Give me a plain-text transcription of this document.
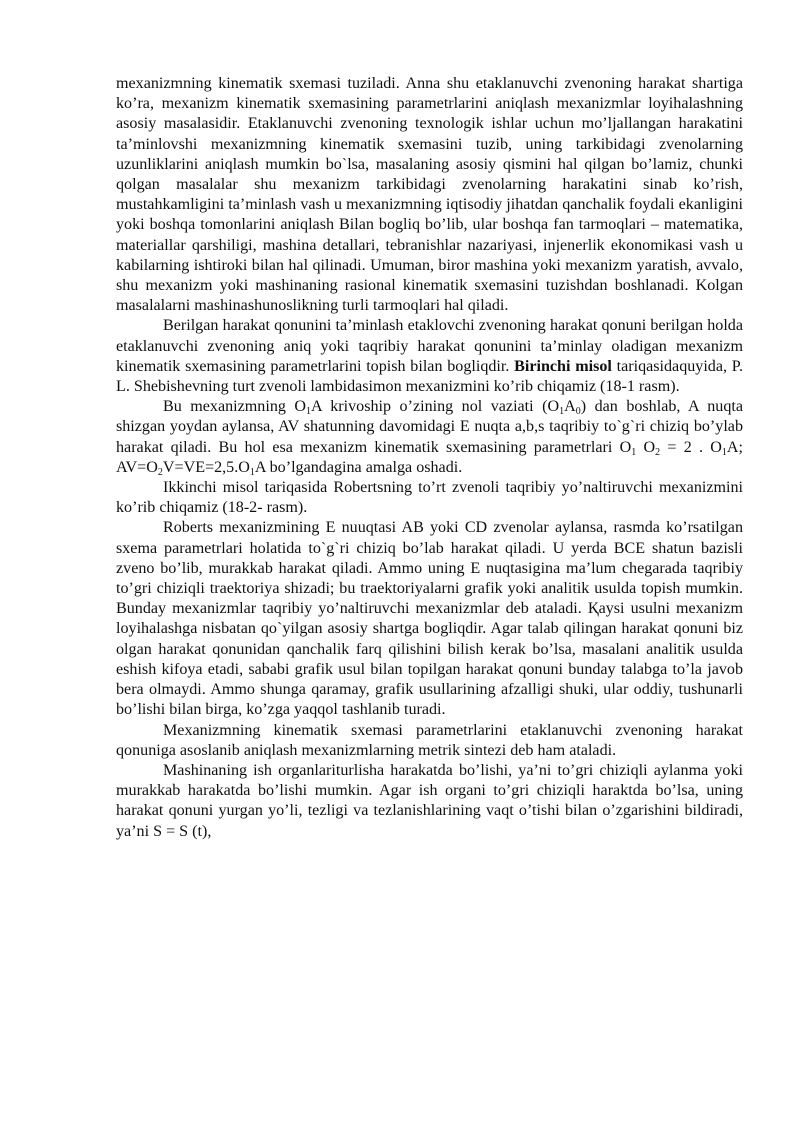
mexanizmning kinematik sxemasi tuziladi. Anna shu etaklanuvchi zvenoning harakat shartiga ko’ra, mexanizm kinematik sxemasining parametrlarini aniqlash mexanizmlar loyihalashning asosiy masalasidir. Etaklanuvchi zvenoning texnologik ishlar uchun mo’ljallangan harakatini ta’minlovshi mexanizmning kinematik sxemasini tuzib, uning tarkibidagi zvenolarning uzunliklarini aniqlash mumkin bo`lsa, masalaning asosiy qismini hal qilgan bo’lamiz, chunki qolgan masalalar shu mexanizm tarkibidagi zvenolarning harakatini sinab ko’rish, mustahkamligini ta’minlash vash u mexanizmning iqtisodiy jihatdan qanchalik foydali ekanligini yoki boshqa tomonlarini aniqlash Bilan bogliq bo’lib, ular boshqa fan tarmoqlari – matematika, materiallar qarshiligi, mashina detallari, tebranishlar nazariyasi, injenerlik ekonomikasi vash u kabilarning ishtiroki bilan hal qilinadi. Umuman, biror mashina yoki mexanizm yaratish, avvalo, shu mexanizm yoki mashinaning rasional kinematik sxemasini tuzishdan boshlanadi. Kolgan masalalarni mashinashunoslikning turli tarmoqlari hal qiladi.

Berilgan harakat qonunini ta’minlash etaklovchi zvenoning harakat qonuni berilgan holda etaklanuvchi zvenoning aniq yoki taqribiy harakat qonunini ta’minlay oladigan mexanizm kinematik sxemasining parametrlarini topish bilan bogliqdir. Birinchi misol tariqasidaquyida, P. L. Shebishevning turt zvenoli lambidasimon mexanizmini ko’rib chiqamiz (18-1 rasm).

Bu mexanizmning $O_1A$ krivoship o’zining nol vaziati $(O_1A_0)$ dan boshlab, A nuqta shizgan yoydan aylansa, AV shatunning davomidagi E nuqta a,b,s taqribiy to`g`ri chiziq bo’ylab harakat qiladi. Bu hol esa mexanizm kinematik sxemasining parametrlari $O_1$ $O_2 = 2$ . $O_1A$; $AV=O_2V=VE=2,5.O_1A$ bo’lgandagina amalga oshadi.

Ikkinchi misol tariqasida Robertsning to’rt zvenoli taqribiy yo’naltiruvchi mexanizmini ko’rib chiqamiz (18-2- rasm).

Roberts mexanizmining E nuuqtasi AB yoki CD zvenolar aylansa, rasmda ko’rsatilgan sxema parametrlari holatida to`g`ri chiziq bo’lab harakat qiladi. U yerda BCE shatun bazisli zveno bo’lib, murakkab harakat qiladi. Ammo uning E nuqtasigina ma’lum chegarada taqribiy to’gri chiziqli traektoriya shizadi; bu traektoriyalarni grafik yoki analitik usulda topish mumkin. Bunday mexanizmlar taqribiy yo’naltiruvchi mexanizmlar deb ataladi. Қaysi usulni mexanizm loyihalashga nisbatan qo`yilgan asosiy shartga bogliqdir. Agar talab qilingan harakat qonuni biz olgan harakat qonunidan qanchalik farq qilishini bilish kerak bo’lsa, masalani analitik usulda eshish kifoya etadi, sababi grafik usul bilan topilgan harakat qonuni bunday talabga to’la javob bera olmaydi. Ammo shunga qaramay, grafik usullarining afzalligi shuki, ular oddiy, tushunarli bo’lishi bilan birga, ko’zga yaqqol tashlanib turadi.

Mexanizmning kinematik sxemasi parametrlarini etaklanuvchi zvenoning harakat qonuniga asoslanib aniqlash mexanizmlarning metrik sintezi deb ham ataladi.

Mashinaning ish organlariturlisha harakatda bo’lishi, ya’ni to’gri chiziqli aylanma yoki murakkab harakatda bo’lishi mumkin. Agar ish organi to’gri chiziqli haraktda bo’lsa, uning harakat qonuni yurgan yo’li, tezligi va tezlanishlarining vaqt o’tishi bilan o’zgarishini bildiradi, ya’ni S = S (t),
